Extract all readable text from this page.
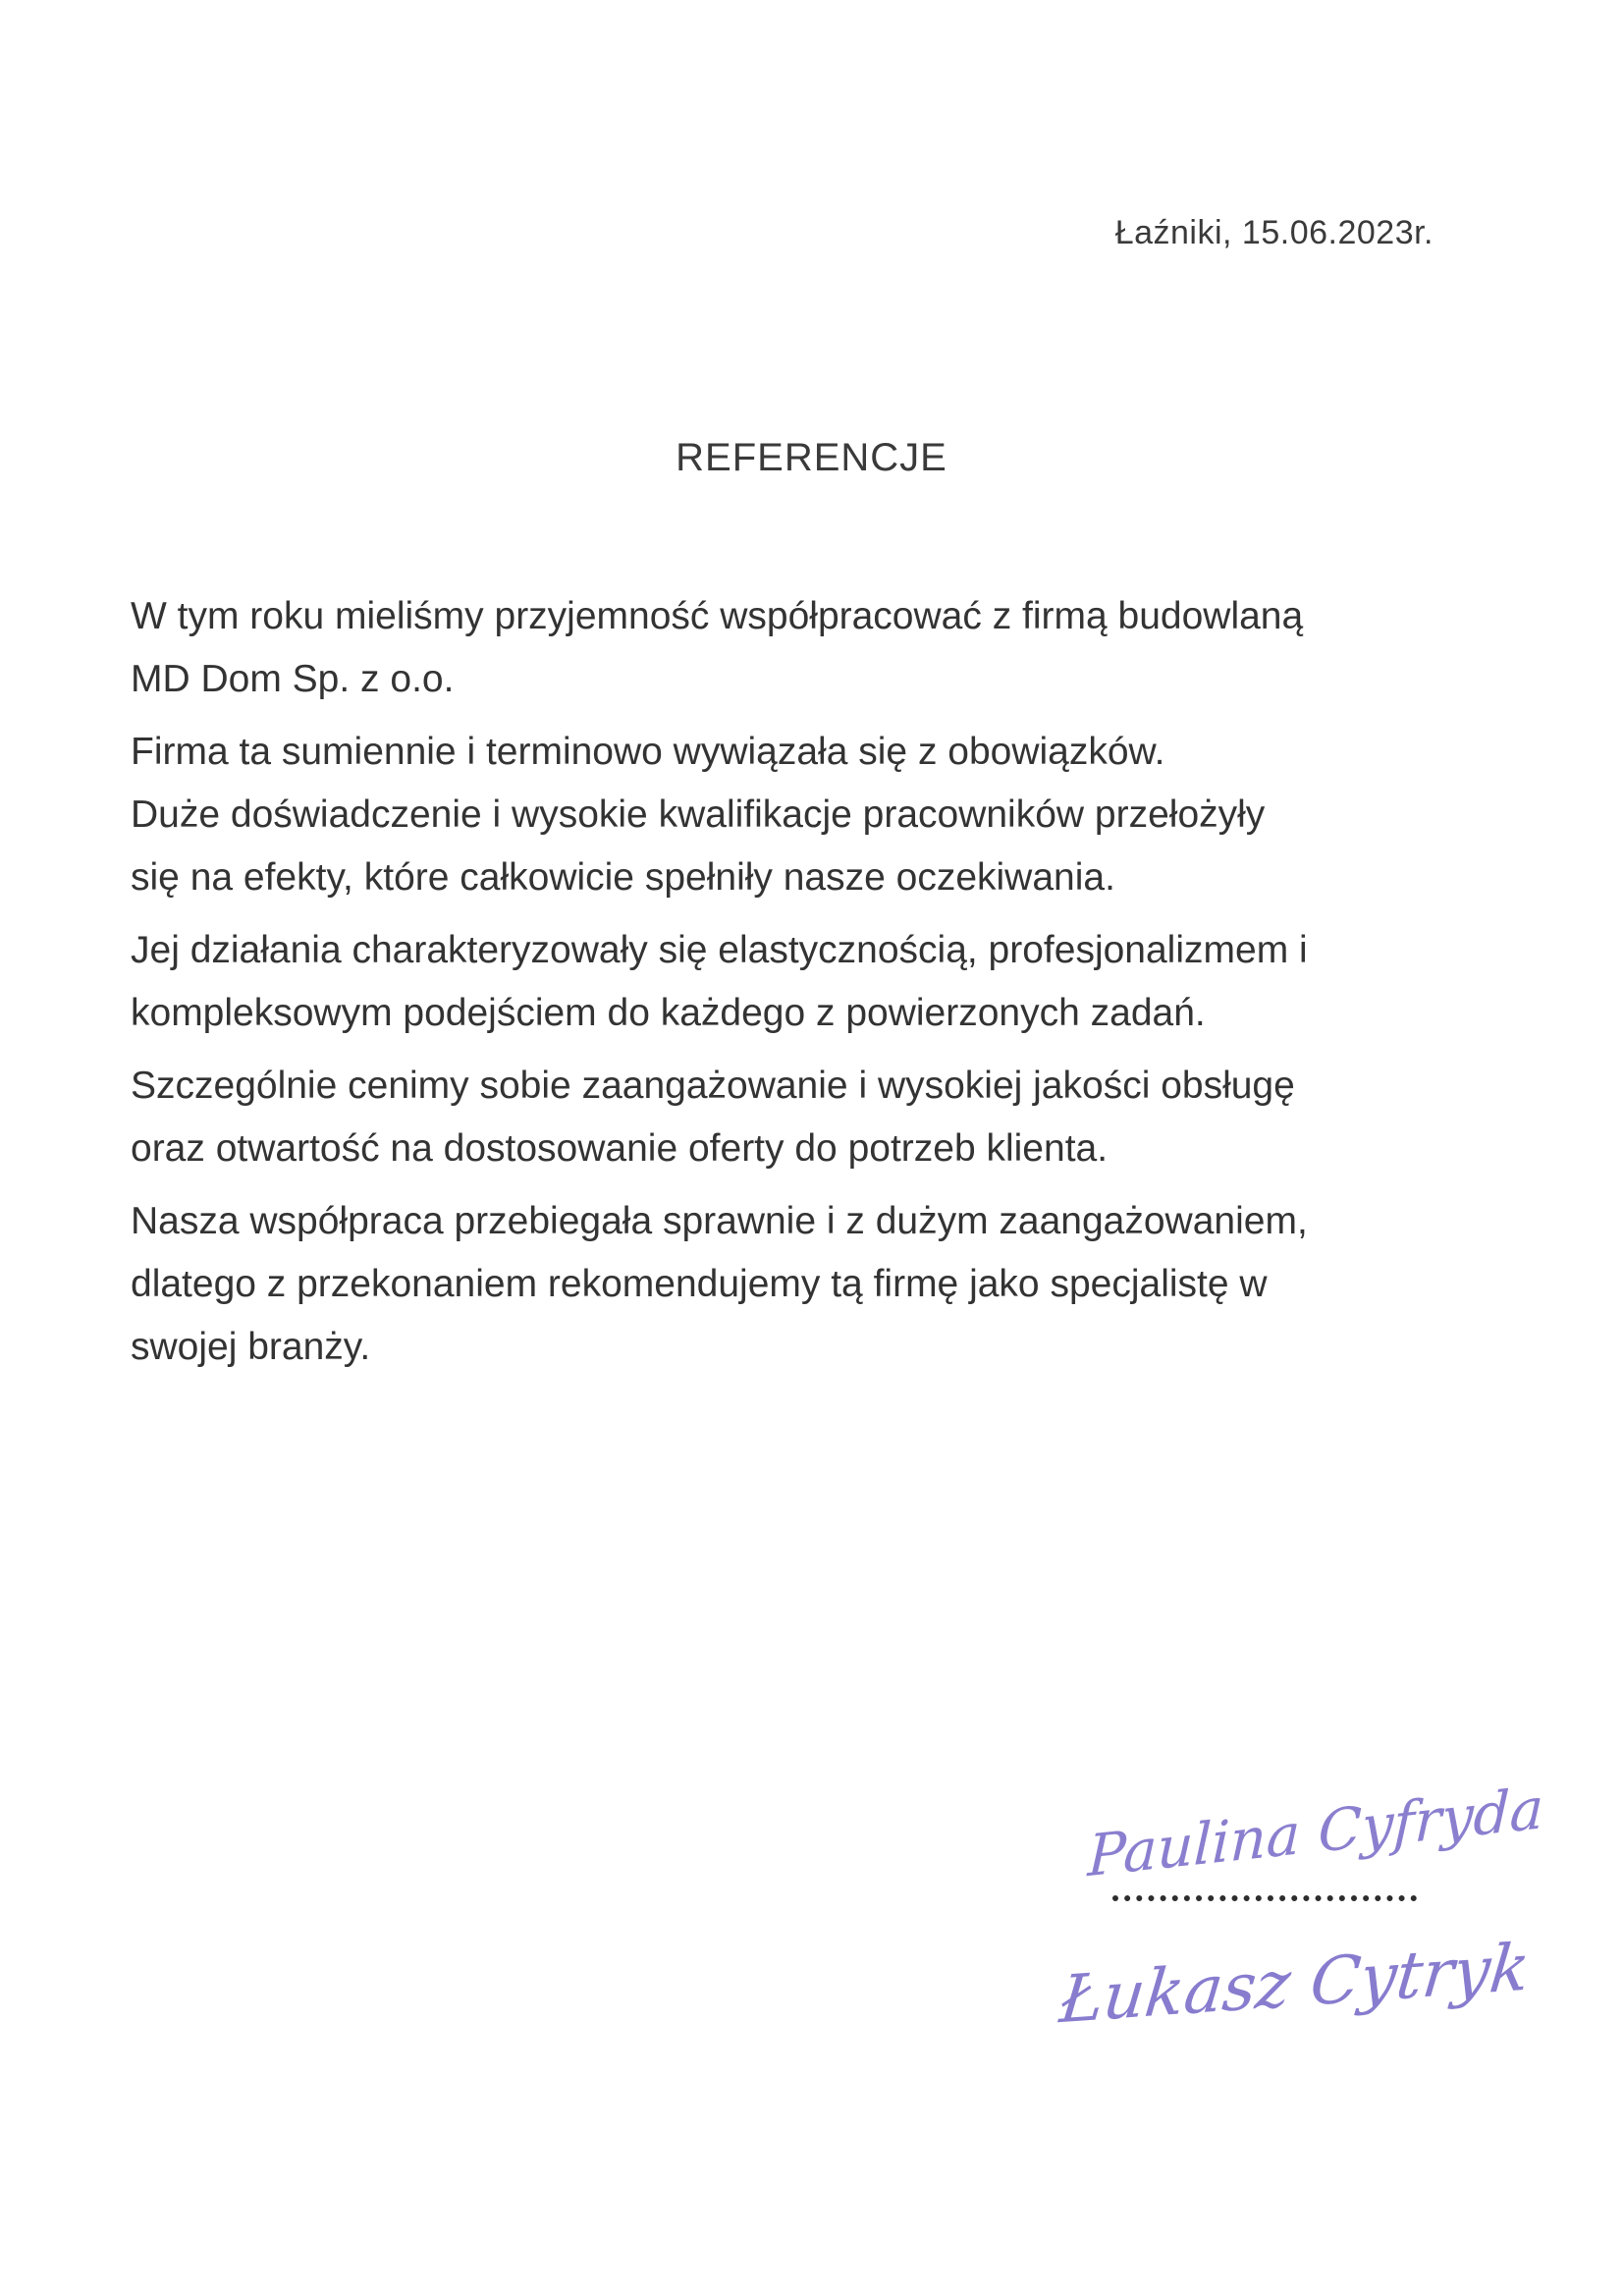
Łaźniki, 15.06.2023r.
REFERENCJE
W tym roku mieliśmy przyjemność współpracować z firmą budowlaną
MD Dom Sp. z o.o.
Firma ta sumiennie i terminowo wywiązała się z obowiązków.
Duże doświadczenie i wysokie kwalifikacje pracowników przełożyły
się na efekty, które całkowicie spełniły nasze oczekiwania.
Jej działania charakteryzowały się elastycznością, profesjonalizmem i
kompleksowym podejściem do każdego z powierzonych zadań.
Szczególnie cenimy sobie zaangażowanie i wysokiej jakości obsługę
oraz otwartość na dostosowanie oferty do potrzeb klienta.
Nasza współpraca przebiegała sprawnie i z dużym zaangażowaniem,
dlatego z przekonaniem rekomendujemy tą firmę jako specjalistę w
swojej branży.
Paulina Cyfryda
Łukasz Cytryk
